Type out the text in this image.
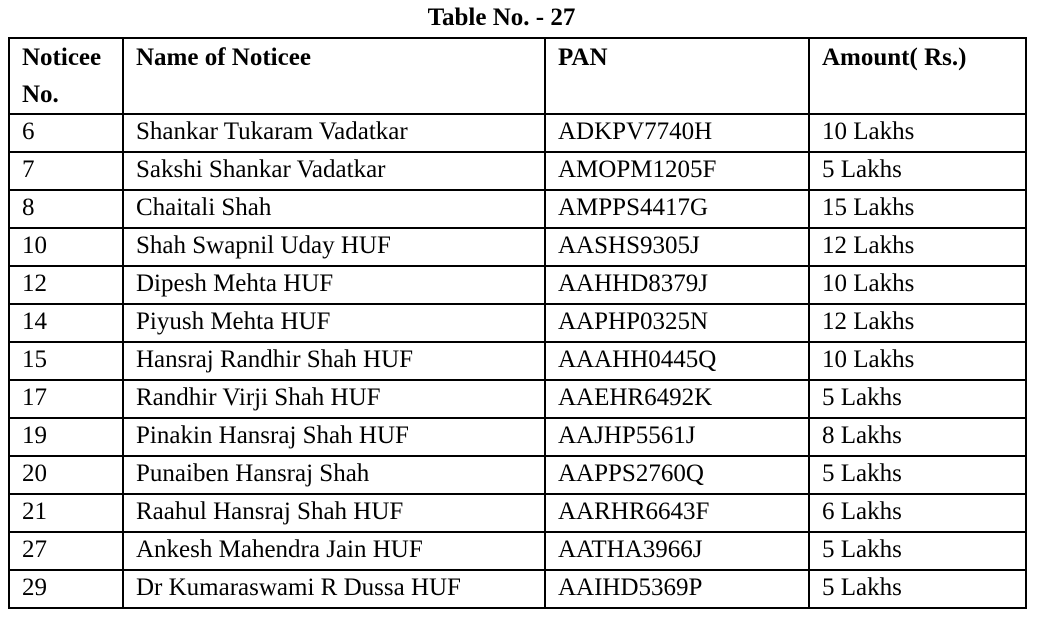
Table No. - 27
Noticee
No.	Name of Noticee	PAN	Amount( Rs.)
6	Shankar Tukaram Vadatkar	ADKPV7740H	10 Lakhs
7	Sakshi Shankar Vadatkar	AMOPM1205F	5 Lakhs
8	Chaitali Shah	AMPPS4417G	15 Lakhs
10	Shah Swapnil Uday HUF	AASHS9305J	12 Lakhs
12	Dipesh Mehta HUF	AAHHD8379J	10 Lakhs
14	Piyush Mehta HUF	AAPHP0325N	12 Lakhs
15	Hansraj Randhir Shah HUF	AAAHH0445Q	10 Lakhs
17	Randhir Virji Shah HUF	AAEHR6492K	5 Lakhs
19	Pinakin Hansraj Shah HUF	AAJHP5561J	8 Lakhs
20	Punaiben Hansraj Shah	AAPPS2760Q	5 Lakhs
21	Raahul Hansraj Shah HUF	AARHR6643F	6 Lakhs
27	Ankesh Mahendra Jain HUF	AATHA3966J	5 Lakhs
29	Dr Kumaraswami R Dussa HUF	AAIHD5369P	5 Lakhs
